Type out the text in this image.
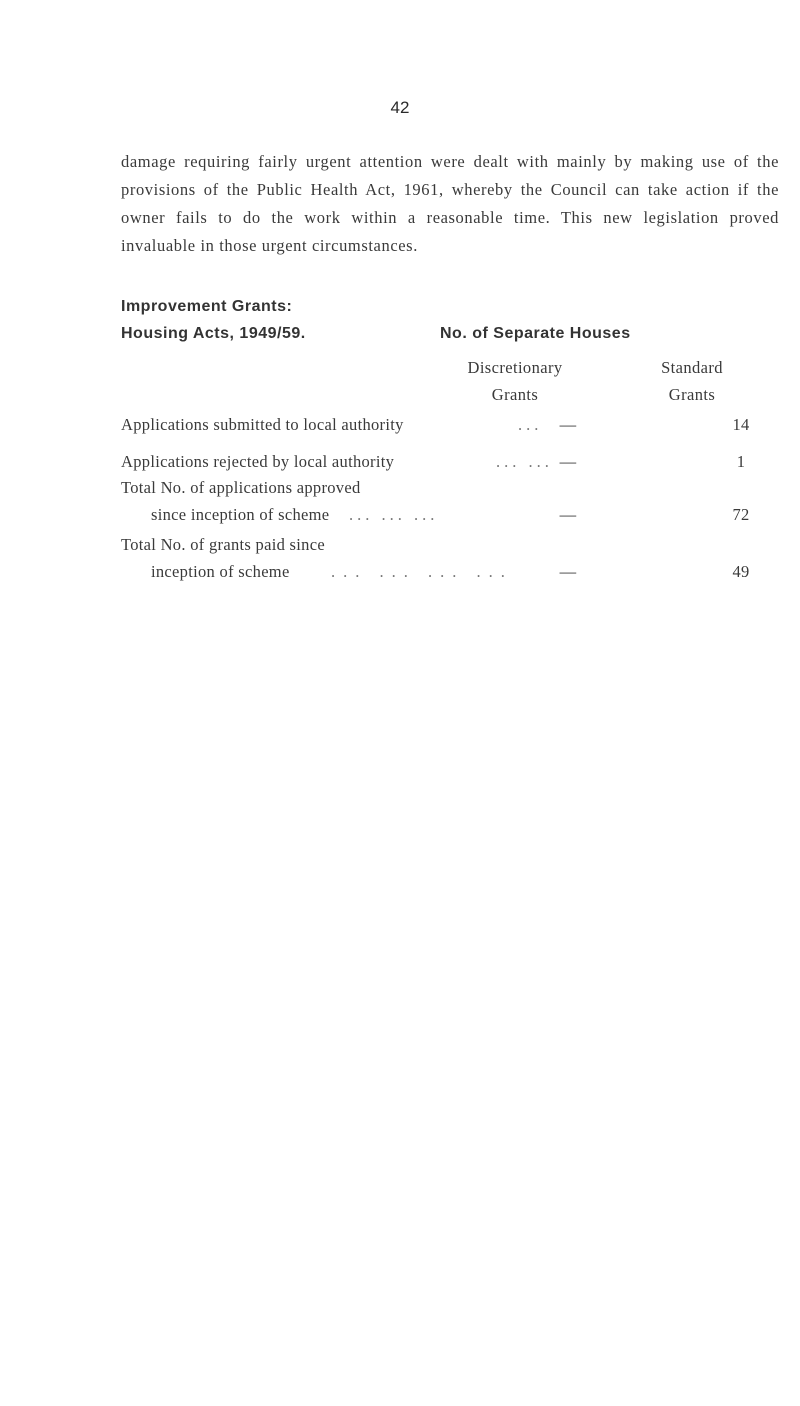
42

damage requiring fairly urgent attention were dealt with mainly by making use of the provisions of the Public Health Act, 1961, whereby the Council can take action if the owner fails to do the work within a reasonable time. This new legislation proved invaluable in those urgent circumstances.

Improvement Grants:
Housing Acts, 1949/59.	No. of Separate Houses
Discretionary
Grants
Standard
Grants
Applications submitted to local authority	...	—	14
Applications rejected by local authority	... ... —	1
Total No. of applications approved
since inception of scheme ... ... ...	—	72
Total No. of grants paid since
inception of scheme	... ... ... ...	—	49
